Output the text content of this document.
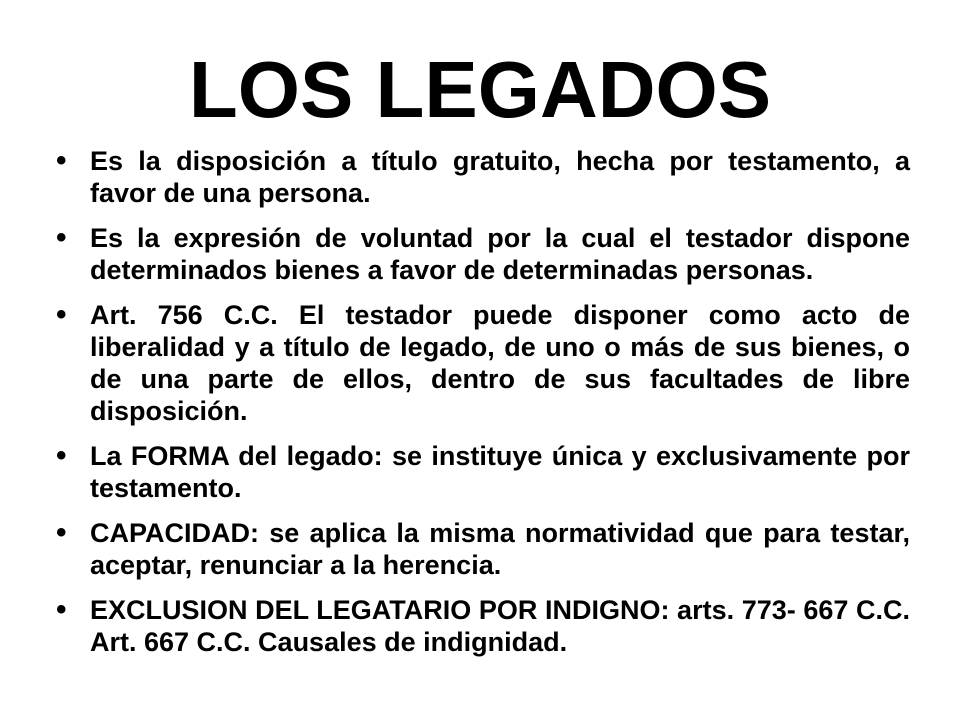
LOS LEGADOS
• Es la disposición a título gratuito, hecha por testamento, a favor de una persona.
• Es la expresión de voluntad por la cual el testador dispone determinados bienes a favor de determinadas personas.
• Art. 756 C.C. El testador puede disponer como acto de liberalidad y a título de legado, de uno o más de sus bienes, o de una parte de ellos, dentro de sus facultades de libre disposición.
• La FORMA del legado: se instituye única y exclusivamente por testamento.
• CAPACIDAD: se aplica la misma normatividad que para testar, aceptar, renunciar a la herencia.
• EXCLUSION DEL LEGATARIO POR INDIGNO: arts. 773- 667 C.C. Art. 667 C.C. Causales de indignidad.
